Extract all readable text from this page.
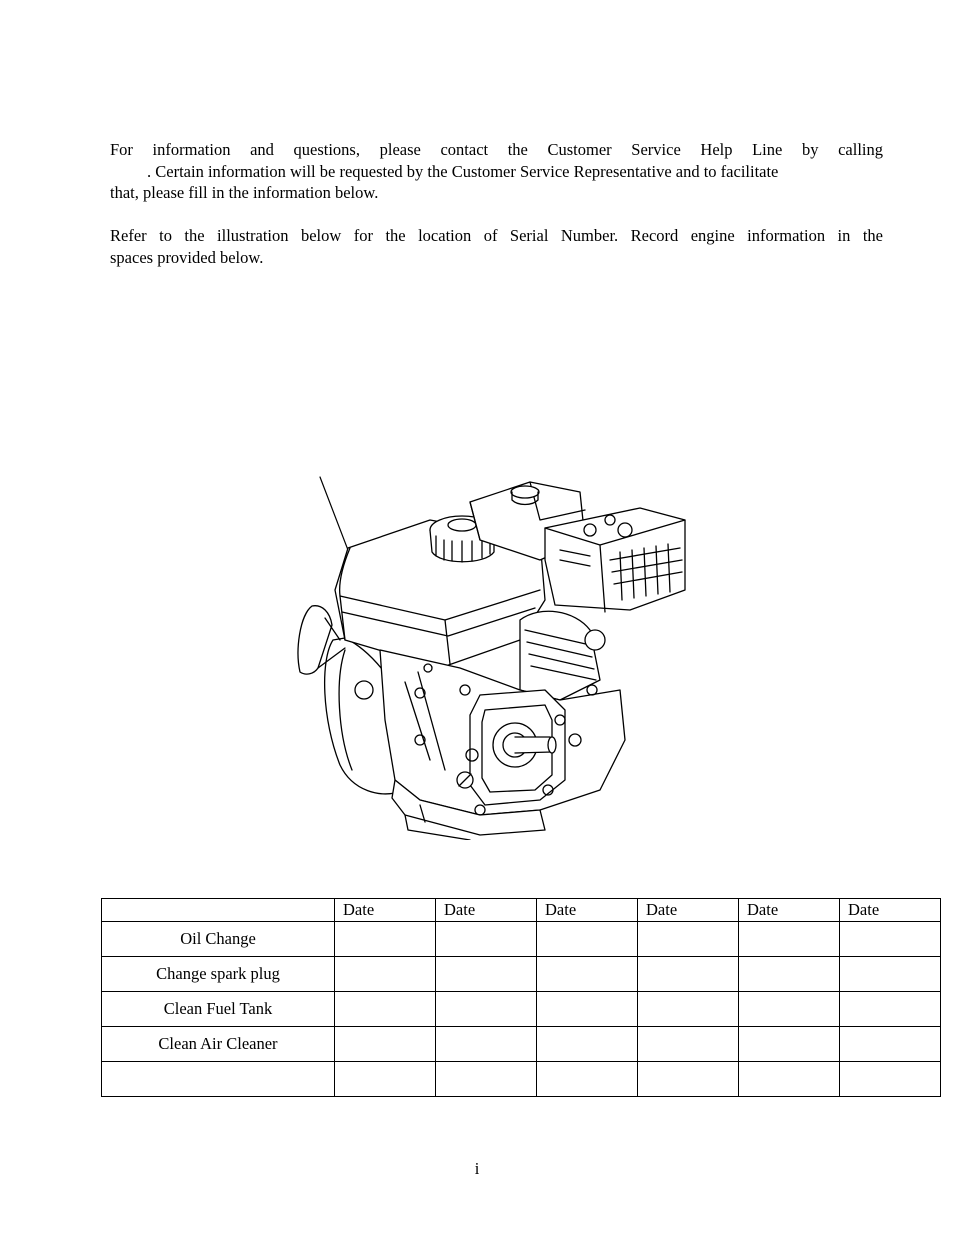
For information and questions, please contact the Customer Service Help Line by calling
. Certain information will be requested by the Customer Service Representative and to facilitate
that, please fill in the information below.

Refer to the illustration below for the location of Serial Number. Record engine information in the
spaces provided below.

	Date	Date	Date	Date	Date	Date
Oil Change						
Change spark plug						
Clean Fuel Tank						
Clean Air Cleaner						

i
